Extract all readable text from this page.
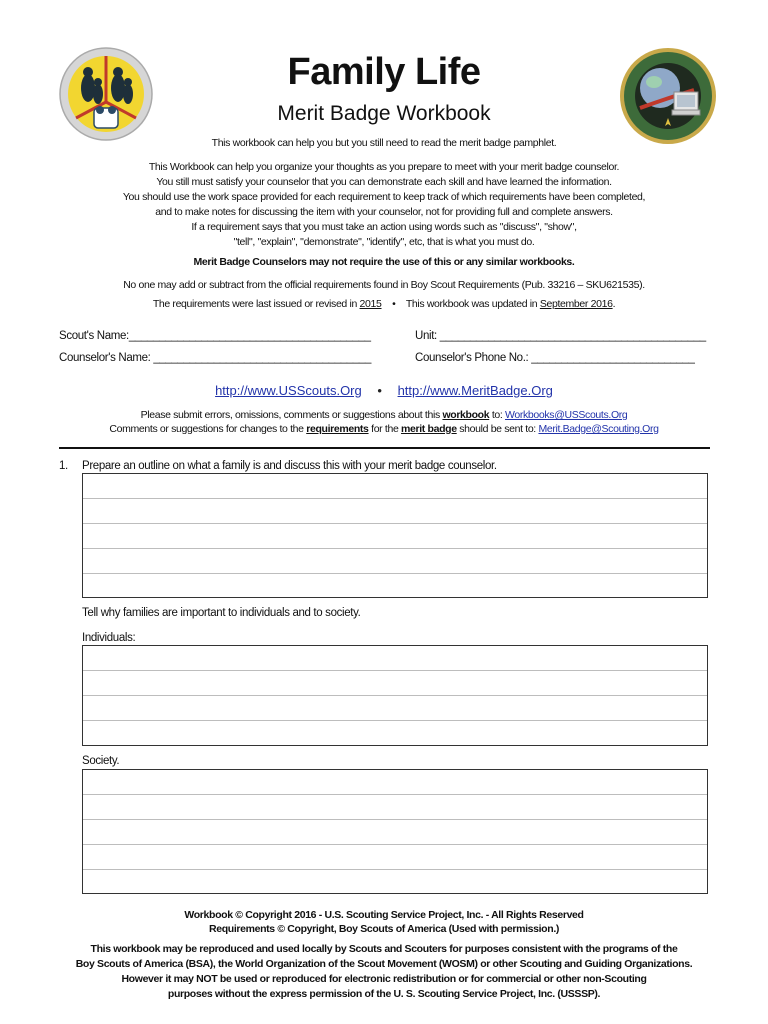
Family Life
Merit Badge Workbook
This workbook can help you but you still need to read the merit badge pamphlet.
This Workbook can help you organize your thoughts as you prepare to meet with your merit badge counselor.
You still must satisfy your counselor that you can demonstrate each skill and have learned the information.
You should use the work space provided for each requirement to keep track of which requirements have been completed,
and to make notes for discussing the item with your counselor, not for providing full and complete answers.
If a requirement says that you must take an action using words such as "discuss", "show",
"tell", "explain", "demonstrate", "identify", etc, that is what you must do.
Merit Badge Counselors may not require the use of this or any similar workbooks.
No one may add or subtract from the official requirements found in Boy Scout Requirements (Pub. 33216 – SKU621535).
The requirements were last issued or revised in 2015 • This workbook was updated in September 2016.
Scout's Name:________________________________________	Unit: ____________________________________________
Counselor's Name: ____________________________________	Counselor's Phone No.: ___________________________
http://www.USScouts.Org • http://www.MeritBadge.Org
Please submit errors, omissions, comments or suggestions about this workbook to: Workbooks@USScouts.Org
Comments or suggestions for changes to the requirements for the merit badge should be sent to: Merit.Badge@Scouting.Org
1. Prepare an outline on what a family is and discuss this with your merit badge counselor.
Tell why families are important to individuals and to society.
Individuals:
Society.
Workbook © Copyright 2016 - U.S. Scouting Service Project, Inc. - All Rights Reserved
Requirements © Copyright, Boy Scouts of America (Used with permission.)
This workbook may be reproduced and used locally by Scouts and Scouters for purposes consistent with the programs of the
Boy Scouts of America (BSA), the World Organization of the Scout Movement (WOSM) or other Scouting and Guiding Organizations.
However it may NOT be used or reproduced for electronic redistribution or for commercial or other non-Scouting
purposes without the express permission of the U. S. Scouting Service Project, Inc. (USSSP).
